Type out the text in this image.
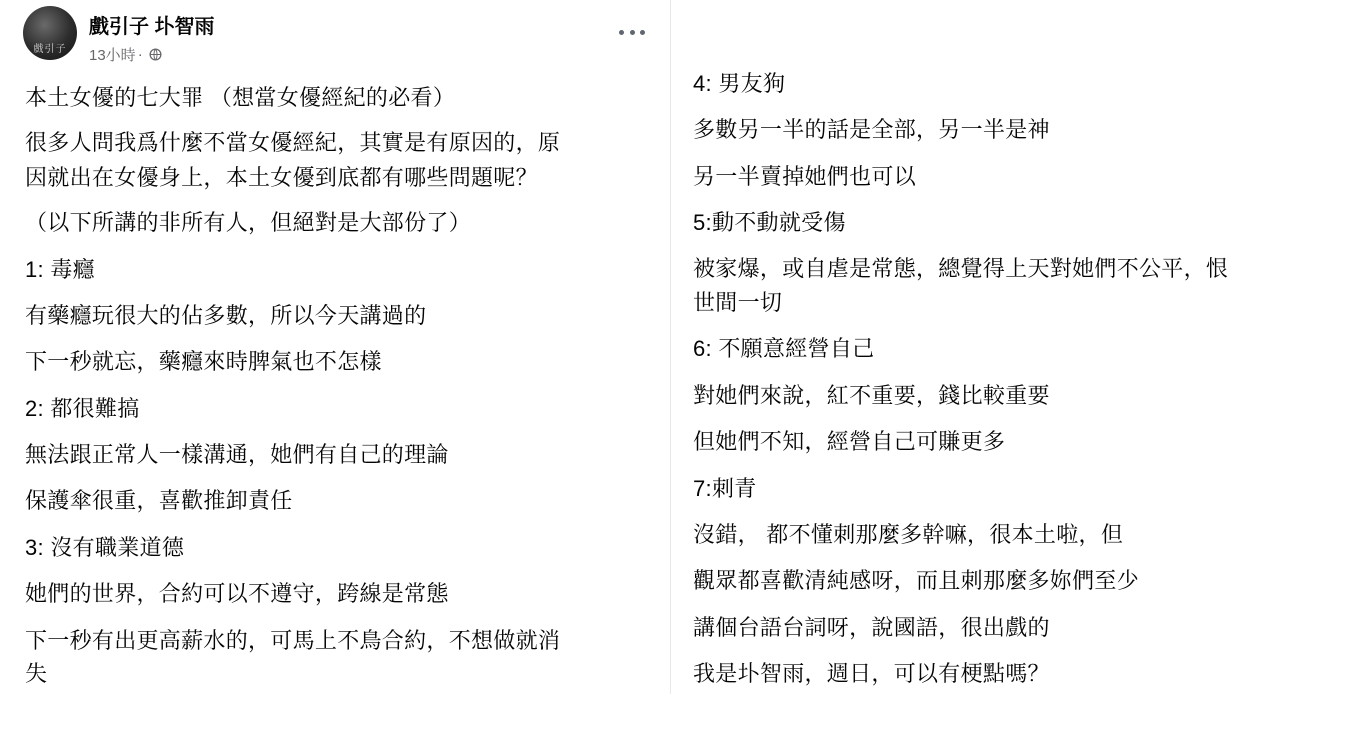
戲引子
戲引子 圤智雨
13小時 ·
本土女優的七大罪 （想當女優經紀的必看）
很多人問我爲什麼不當女優經紀，其實是有原因的，原
因就出在女優身上，本土女優到底都有哪些問題呢？
（以下所講的非所有人，但絕對是大部份了）
1: 毒癮
有藥癮玩很大的佔多數，所以今天講過的
下一秒就忘，藥癮來時脾氣也不怎樣
2: 都很難搞
無法跟正常人一樣溝通，她們有自己的理論
保護傘很重，喜歡推卸責任
3: 沒有職業道德
她們的世界，合約可以不遵守，跨線是常態
下一秒有出更高薪水的，可馬上不鳥合約，不想做就消
失
4: 男友狗
多數另一半的話是全部，另一半是神
另一半賣掉她們也可以
5:動不動就受傷
被家爆，或自虐是常態，總覺得上天對她們不公平，恨
世間一切
6: 不願意經營自己
對她們來說，紅不重要，錢比較重要
但她們不知，經營自己可賺更多
7:刺青
沒錯， 都不懂刺那麼多幹嘛，很本土啦，但
觀眾都喜歡清純感呀，而且刺那麼多妳們至少
講個台語台詞呀，說國語，很出戲的
我是圤智雨，週日，可以有梗點嗎？
